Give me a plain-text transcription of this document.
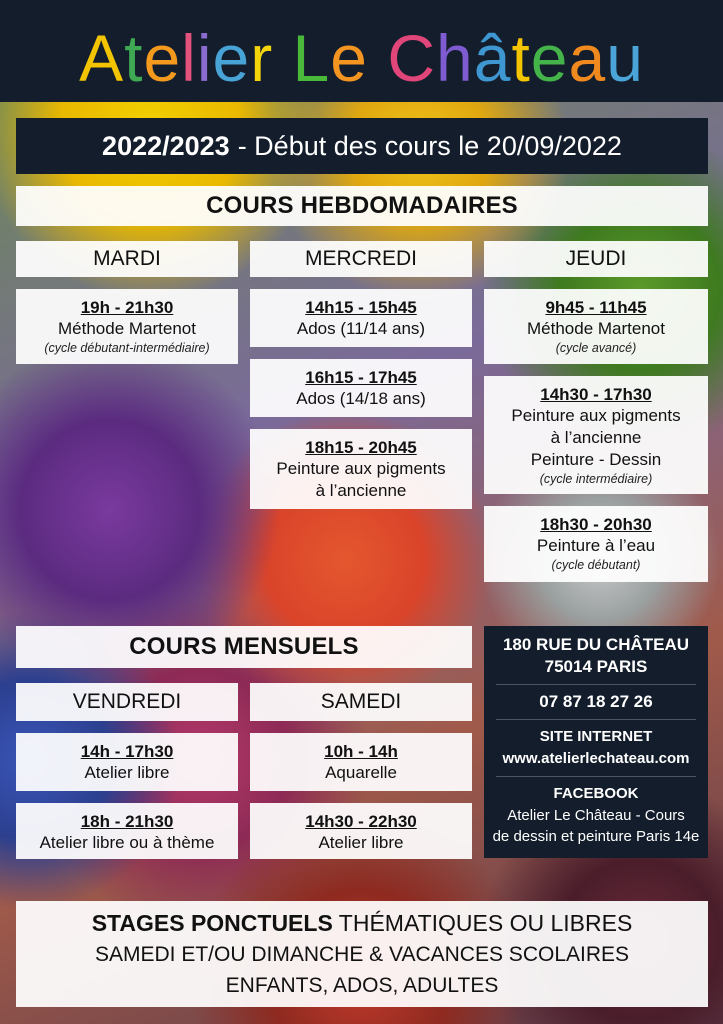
A t e l i e r
L e
C h â t e a u
2022/2023 - Début des cours le 20/09/2022
COURS HEBDOMADAIRES
MARDI	MERCREDI	JEUDI
19h - 21h30
Méthode Martenot
(cycle débutant-intermédiaire)
14h15 - 15h45
Ados (11/14 ans)
16h15 - 17h45
Ados (14/18 ans)
18h15 - 20h45
Peinture aux pigments
à l’ancienne
9h45 - 11h45
Méthode Martenot
(cycle avancé)
14h30 - 17h30
Peinture aux pigments
à l’ancienne
Peinture - Dessin
(cycle intermédiaire)
18h30 - 20h30
Peinture à l’eau
(cycle débutant)
COURS MENSUELS
VENDREDI	SAMEDI
14h - 17h30
Atelier libre
18h - 21h30
Atelier libre ou à thème
10h - 14h
Aquarelle
14h30 - 22h30
Atelier libre
180 RUE DU CHÂTEAU
75014 PARIS
07 87 18 27 26
SITE INTERNET
www.atelierlechateau.com
FACEBOOK
Atelier Le Château - Cours
de dessin et peinture Paris 14e
STAGES PONCTUELS THÉMATIQUES OU LIBRES
SAMEDI ET/OU DIMANCHE & VACANCES SCOLAIRES
ENFANTS, ADOS, ADULTES
